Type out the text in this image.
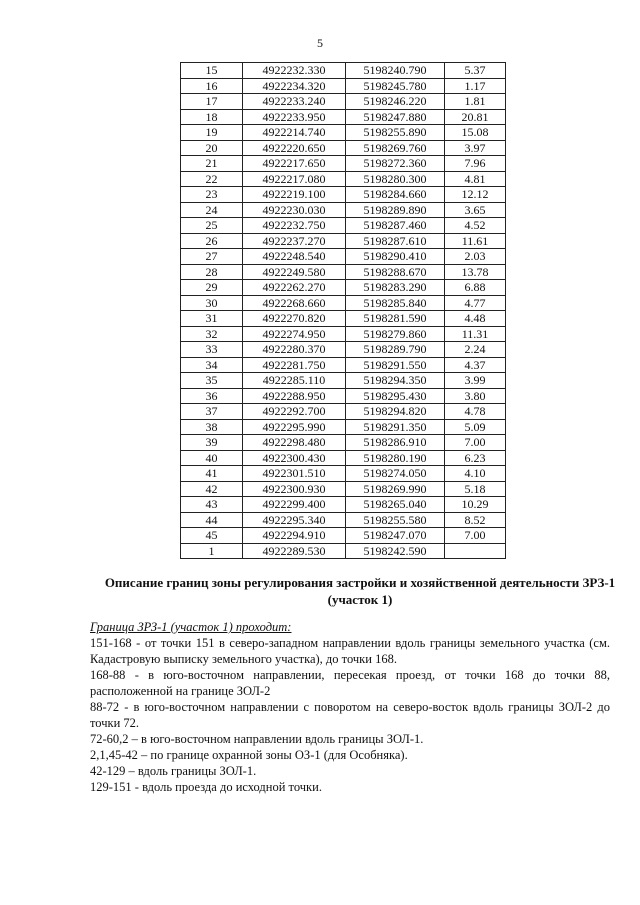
5
15	4922232.330	5198240.790	5.37
16	4922234.320	5198245.780	1.17
17	4922233.240	5198246.220	1.81
18	4922233.950	5198247.880	20.81
19	4922214.740	5198255.890	15.08
20	4922220.650	5198269.760	3.97
21	4922217.650	5198272.360	7.96
22	4922217.080	5198280.300	4.81
23	4922219.100	5198284.660	12.12
24	4922230.030	5198289.890	3.65
25	4922232.750	5198287.460	4.52
26	4922237.270	5198287.610	11.61
27	4922248.540	5198290.410	2.03
28	4922249.580	5198288.670	13.78
29	4922262.270	5198283.290	6.88
30	4922268.660	5198285.840	4.77
31	4922270.820	5198281.590	4.48
32	4922274.950	5198279.860	11.31
33	4922280.370	5198289.790	2.24
34	4922281.750	5198291.550	4.37
35	4922285.110	5198294.350	3.99
36	4922288.950	5198295.430	3.80
37	4922292.700	5198294.820	4.78
38	4922295.990	5198291.350	5.09
39	4922298.480	5198286.910	7.00
40	4922300.430	5198280.190	6.23
41	4922301.510	5198274.050	4.10
42	4922300.930	5198269.990	5.18
43	4922299.400	5198265.040	10.29
44	4922295.340	5198255.580	8.52
45	4922294.910	5198247.070	7.00
1	4922289.530	5198242.590	
Описание границ зоны регулирования застройки и хозяйственной деятельности ЗРЗ-1
(участок 1)

Граница ЗРЗ-1 (участок 1) проходит:

151-168 - от точки 151 в северо-западном направлении вдоль границы земельного участка (см. Кадастровую выписку земельного участка), до точки 168.

168-88 - в юго-восточном направлении, пересекая проезд, от точки 168 до точки 88, расположенной на границе ЗОЛ-2

88-72 - в юго-восточном направлении с поворотом на северо-восток вдоль границы ЗОЛ-2 до точки 72.

72-60,2 – в юго-восточном направлении вдоль границы ЗОЛ-1.

2,1,45-42 – по границе охранной зоны ОЗ-1 (для Особняка).

42-129 – вдоль границы ЗОЛ-1.

129-151 - вдоль проезда до исходной точки.
